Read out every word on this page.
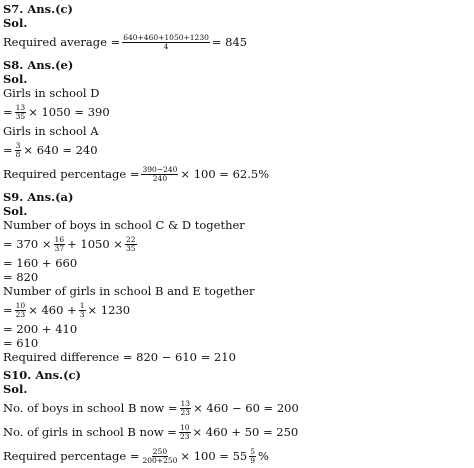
S7. Ans.(c)
Sol.
Required average = $\frac{640+460+1050+1230}{4} = 845$
S8. Ans.(e)
Sol.
Girls in school D
= $\frac{13}{35} \times 1050 = 390$
Girls in school A
= $\frac{3}{8} \times 640 = 240$
Required percentage = $\frac{390-240}{240} \times 100 = 62.5\%$
S9. Ans.(a)
Sol.
Number of boys in school C & D together
= $370 \times \frac{16}{37} + 1050 \times \frac{22}{35}$
= 160 + 660
= 820
Number of girls in school B and E together
= $\frac{10}{23} \times 460 + \frac{1}{3} \times 1230$
= 200 + 410
= 610
Required difference = 820 − 610 = 210
S10. Ans.(c)
Sol.
No. of boys in school B now = $\frac{13}{23} \times 460 - 60 = 200$
No. of girls in school B now = $\frac{10}{23} \times 460 + 50 = 250$
Required percentage = $\frac{250}{200+250} \times 100 = 55 \frac{5}{9}$ %
